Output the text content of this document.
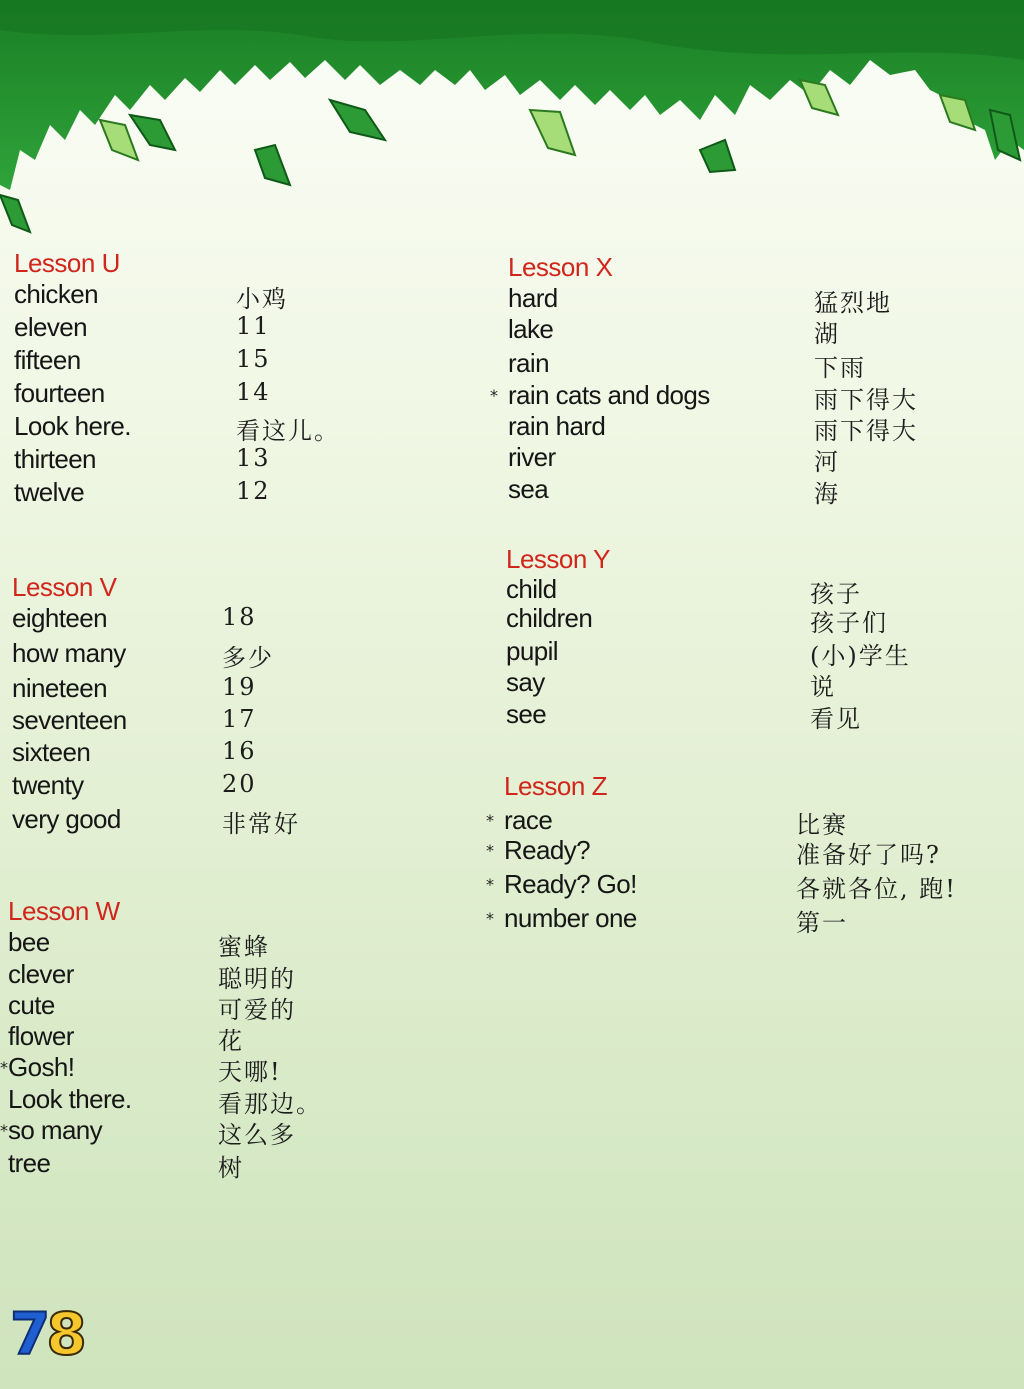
Lesson U
chicken	小鸡
eleven	11
fifteen	15
fourteen	14
Look here.	看这儿。
thirteen	13
twelve	12
Lesson V
eighteen	18
how many	多少
nineteen	19
seventeen	17
sixteen	16
twenty	20
very good	非常好
Lesson W
bee	蜜蜂
clever	聪明的
cute	可爱的
flower	花
* Gosh!	天哪!
Look there.	看那边。
* so many	这么多
tree	树
Lesson X
hard	猛烈地
lake	湖
rain	下雨
* rain cats and dogs	雨下得大
rain hard	雨下得大
river	河
sea	海
Lesson Y
child	孩子
children	孩子们
pupil	(小)学生
say	说
see	看见
Lesson Z
* race	比赛
* Ready?	准备好了吗?
* Ready? Go!	各就各位, 跑!
* number one	第一
78
